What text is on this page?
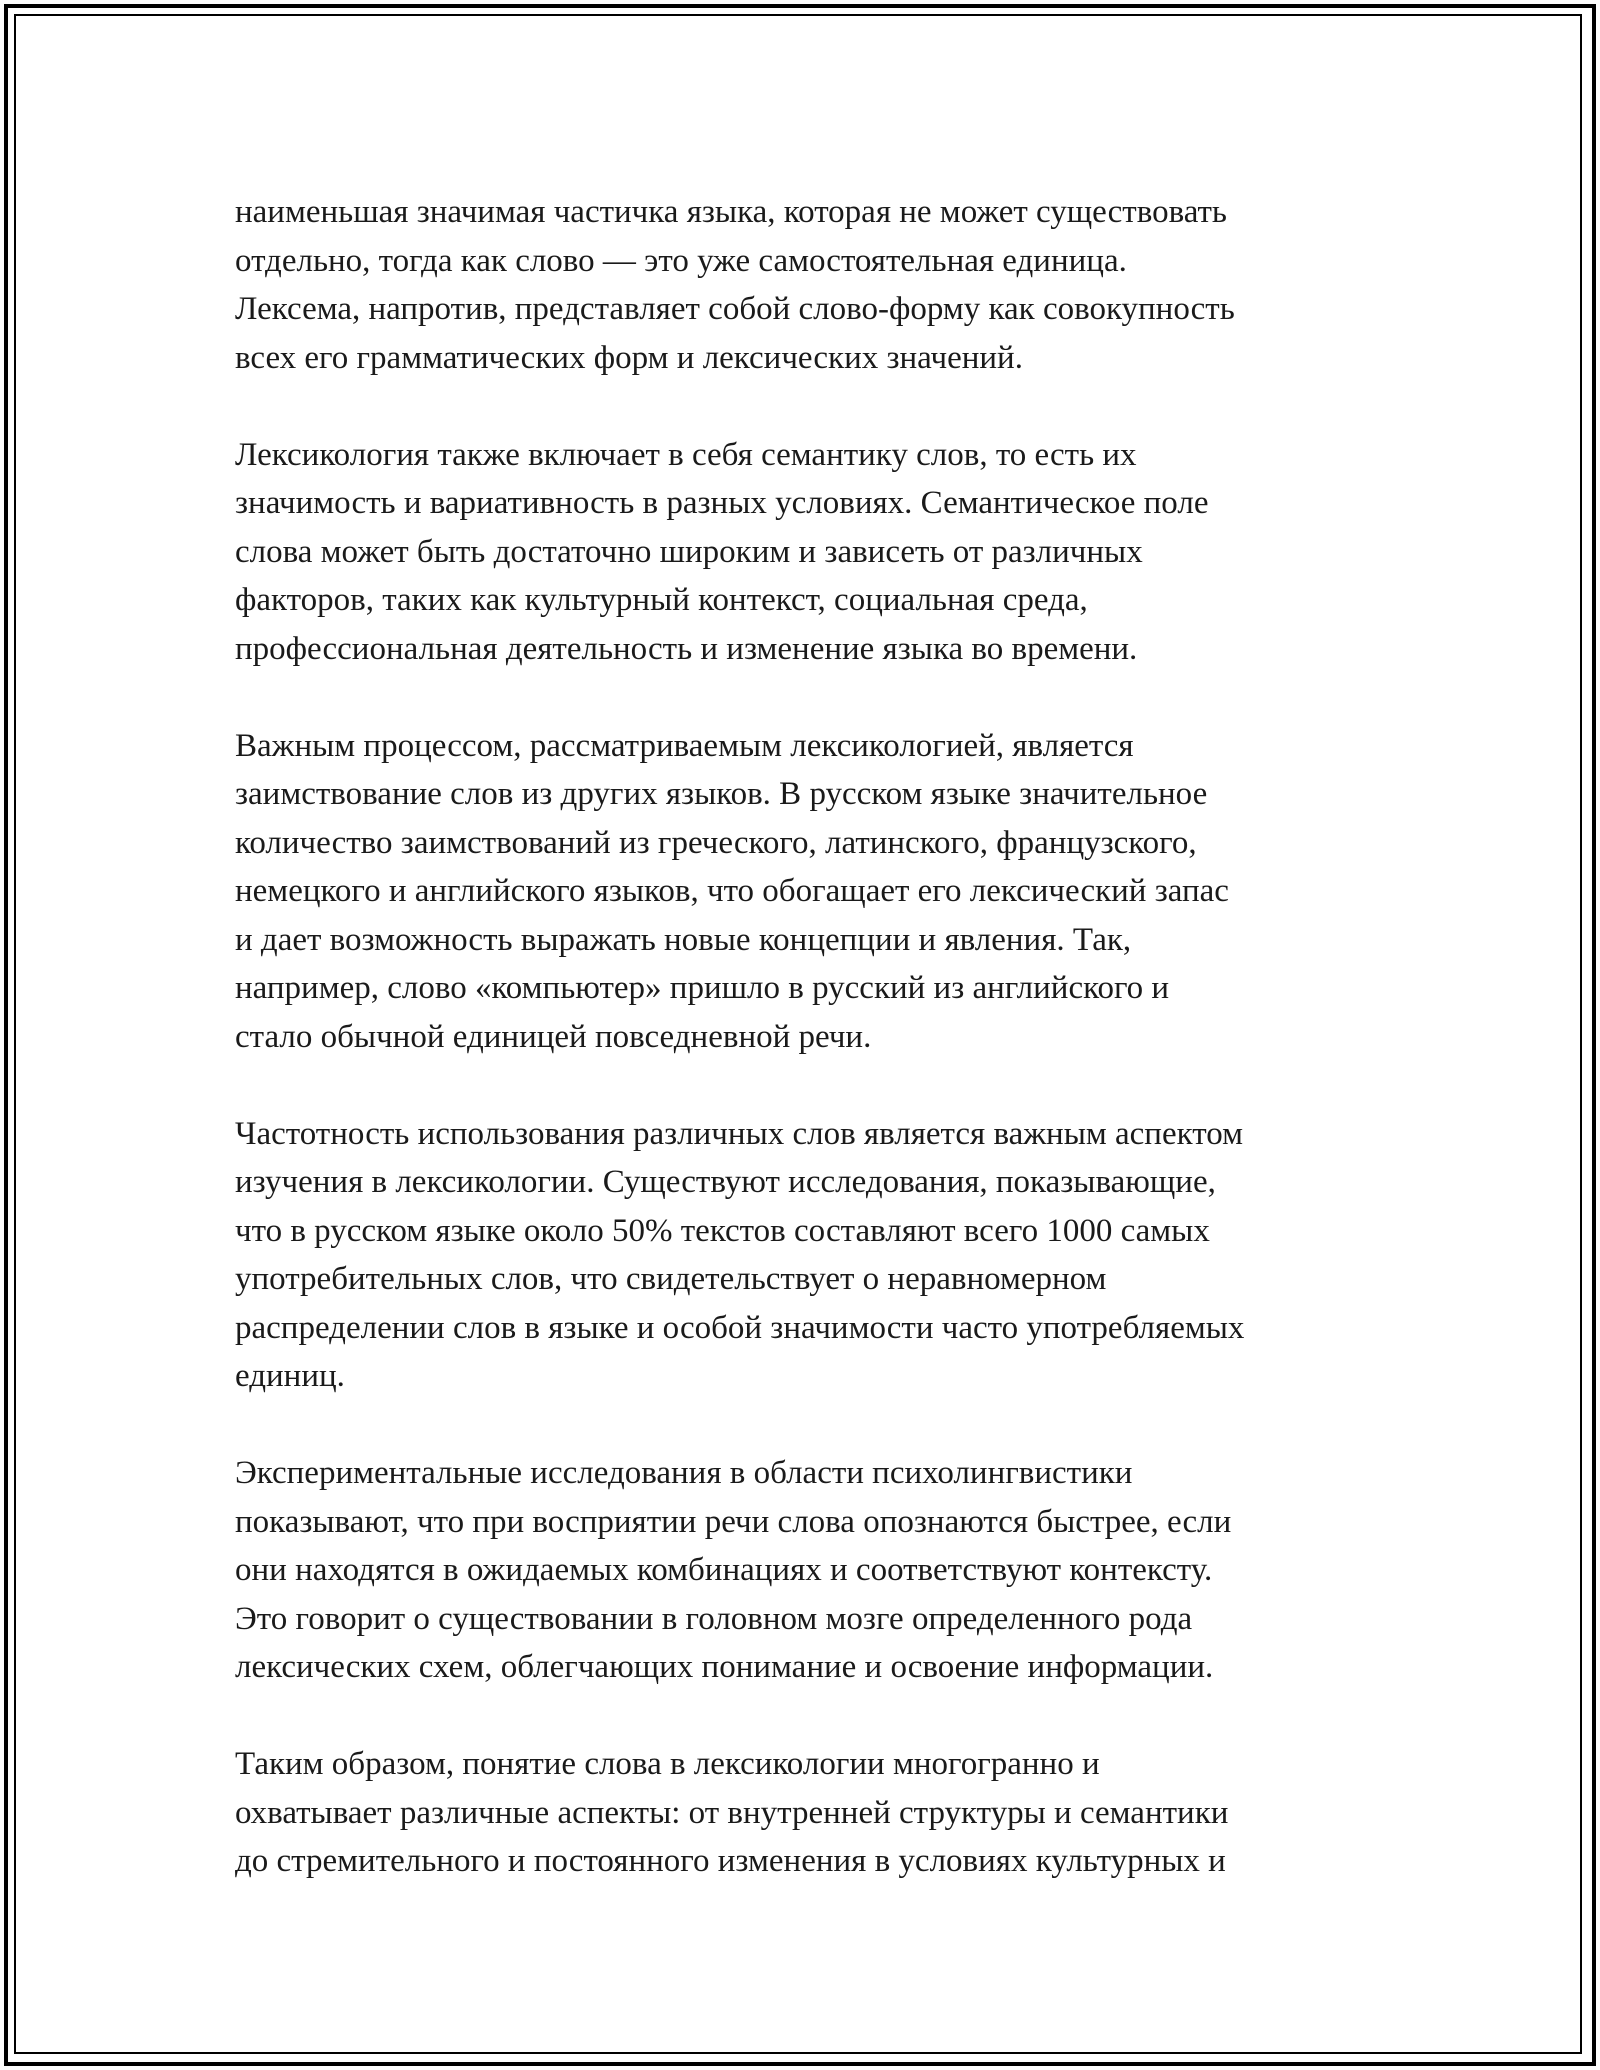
наименьшая значимая частичка языка, которая не может существовать
отдельно, тогда как слово — это уже самостоятельная единица.
Лексема, напротив, представляет собой слово-форму как совокупность
всех его грамматических форм и лексических значений.

Лексикология также включает в себя семантику слов, то есть их
значимость и вариативность в разных условиях. Семантическое поле
слова может быть достаточно широким и зависеть от различных
факторов, таких как культурный контекст, социальная среда,
профессиональная деятельность и изменение языка во времени.

Важным процессом, рассматриваемым лексикологией, является
заимствование слов из других языков. В русском языке значительное
количество заимствований из греческого, латинского, французского,
немецкого и английского языков, что обогащает его лексический запас
и дает возможность выражать новые концепции и явления. Так,
например, слово «компьютер» пришло в русский из английского и
стало обычной единицей повседневной речи.

Частотность использования различных слов является важным аспектом
изучения в лексикологии. Существуют исследования, показывающие,
что в русском языке около 50% текстов составляют всего 1000 самых
употребительных слов, что свидетельствует о неравномерном
распределении слов в языке и особой значимости часто употребляемых
единиц.

Экспериментальные исследования в области психолингвистики
показывают, что при восприятии речи слова опознаются быстрее, если
они находятся в ожидаемых комбинациях и соответствуют контексту.
Это говорит о существовании в головном мозге определенного рода
лексических схем, облегчающих понимание и освоение информации.

Таким образом, понятие слова в лексикологии многогранно и
охватывает различные аспекты: от внутренней структуры и семантики
до стремительного и постоянного изменения в условиях культурных и
